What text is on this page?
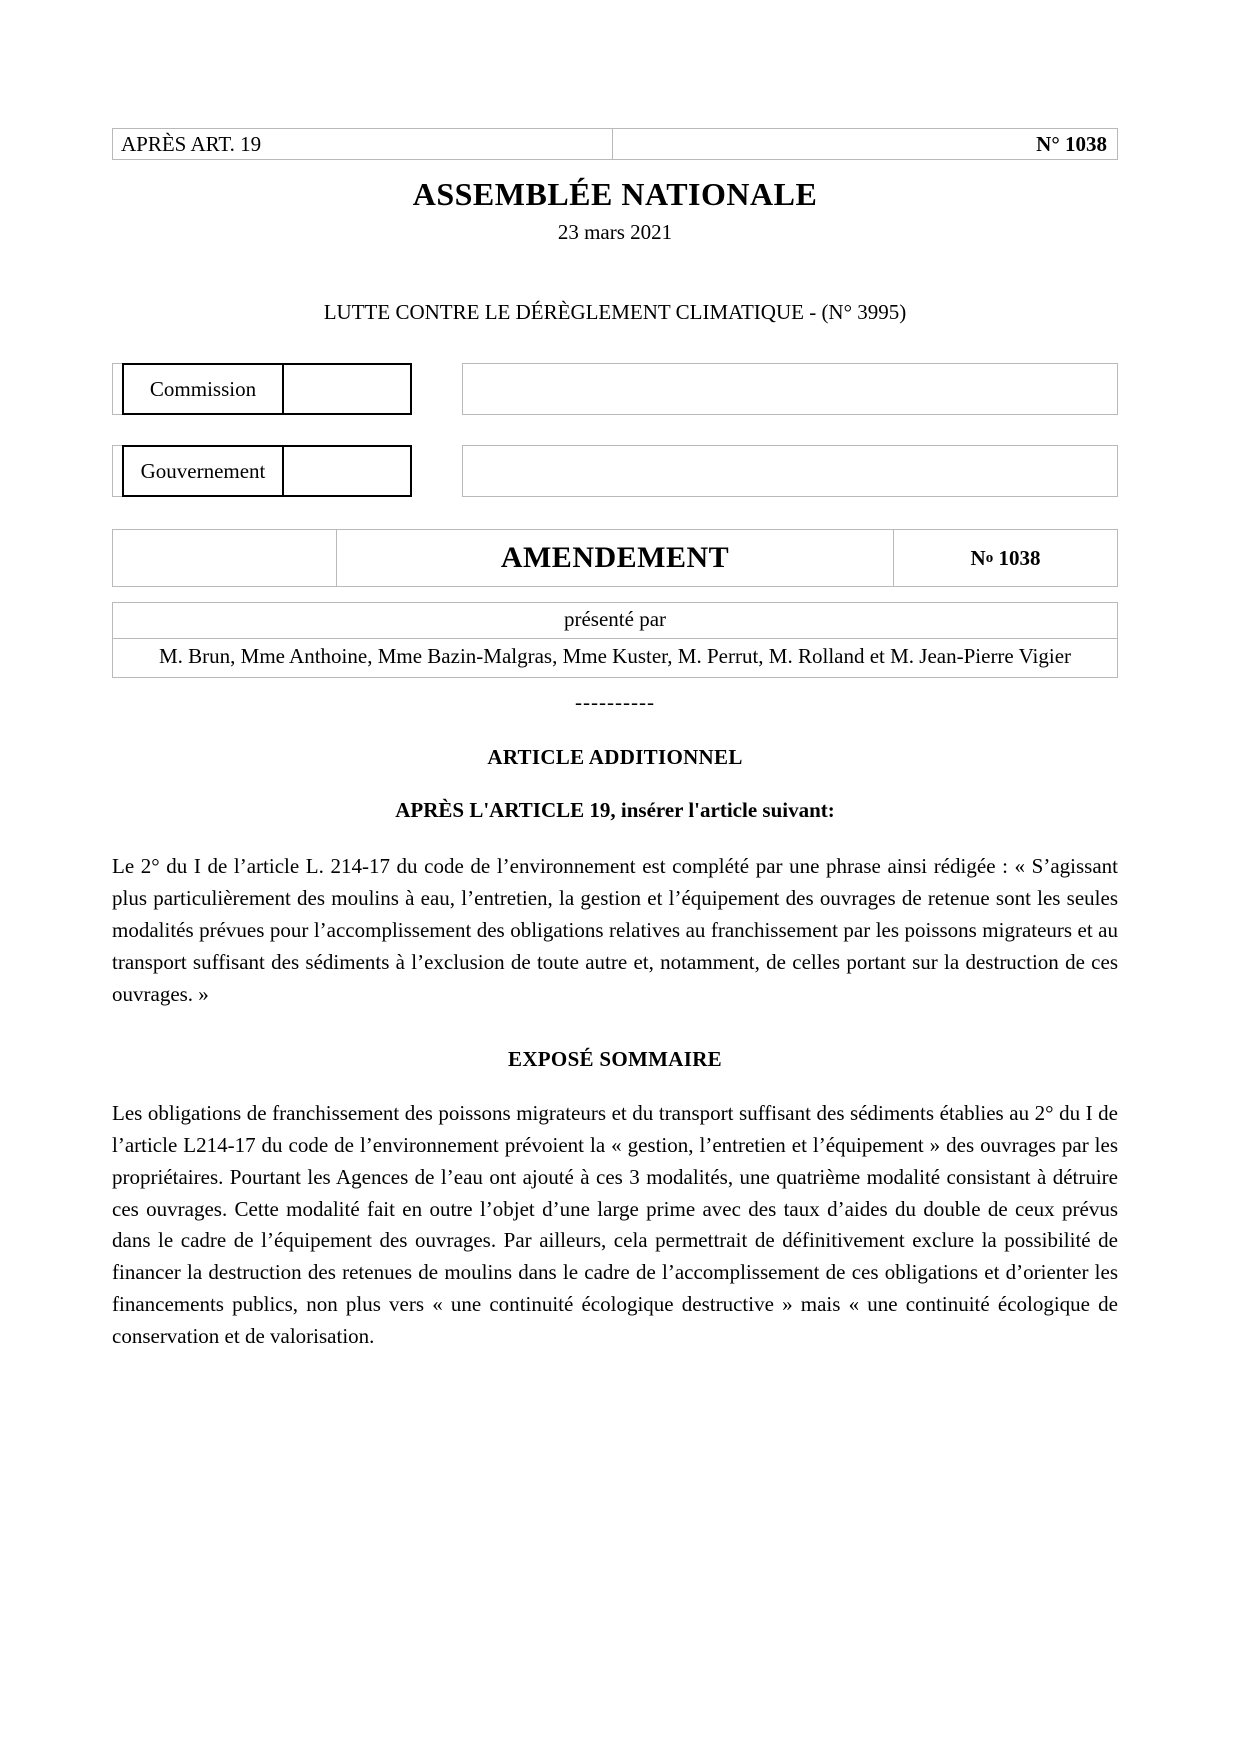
APRÈS ART. 19	N° 1038
ASSEMBLÉE NATIONALE
23 mars 2021
LUTTE CONTRE LE DÉRÈGLEMENT CLIMATIQUE - (N° 3995)
Commission
Gouvernement
AMENDEMENT	N o
1038
présenté par
M. Brun, Mme Anthoine, Mme Bazin-Malgras, Mme Kuster, M. Perrut, M. Rolland et M. Jean-Pierre Vigier
----------
ARTICLE ADDITIONNEL
APRÈS L'ARTICLE 19, insérer l'article suivant:
Le 2° du I de l’article L. 214-17 du code de l’environnement est complété par une phrase ainsi rédigée : « S’agissant plus particulièrement des moulins à eau, l’entretien, la gestion et l’équipement des ouvrages de retenue sont les seules modalités prévues pour l’accomplissement des obligations relatives au franchissement par les poissons migrateurs et au transport suffisant des sédiments à l’exclusion de toute autre et, notamment, de celles portant sur la destruction de ces ouvrages. »
EXPOSÉ SOMMAIRE
Les obligations de franchissement des poissons migrateurs et du transport suffisant des sédiments établies au 2° du I de l’article L214-17 du code de l’environnement prévoient la « gestion, l’entretien et l’équipement » des ouvrages par les propriétaires. Pourtant les Agences de l’eau ont ajouté à ces 3 modalités, une quatrième modalité consistant à détruire ces ouvrages. Cette modalité fait en outre l’objet d’une large prime avec des taux d’aides du double de ceux prévus dans le cadre de l’équipement des ouvrages. Par ailleurs, cela permettrait de définitivement exclure la possibilité de financer la destruction des retenues de moulins dans le cadre de l’accomplissement de ces obligations et d’orienter les financements publics, non plus vers « une continuité écologique destructive » mais « une continuité écologique de conservation et de valorisation.
